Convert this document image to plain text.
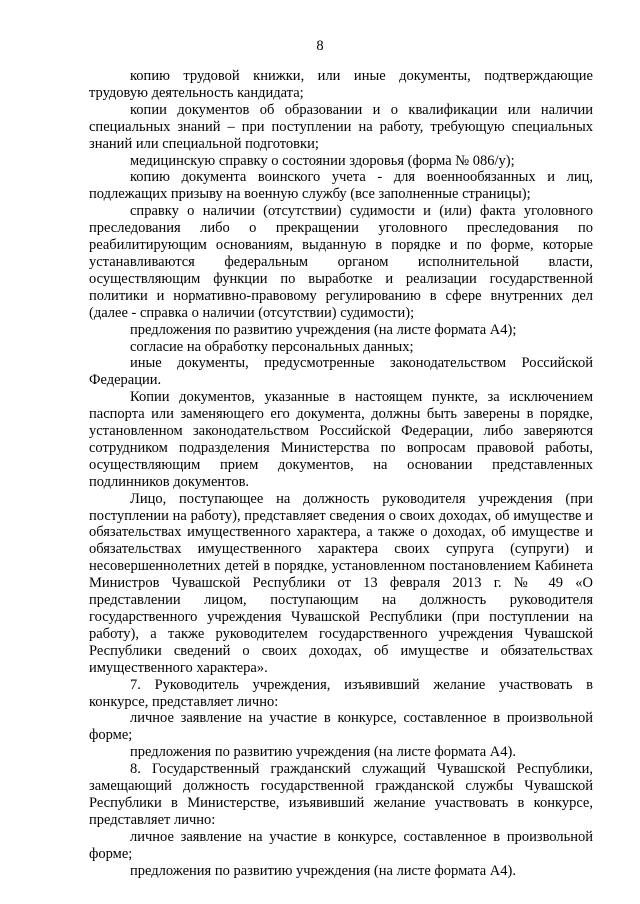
8

копию трудовой книжки, или иные документы, подтверждающие трудовую деятельность кандидата;

копии документов об образовании и о квалификации или наличии специальных знаний – при поступлении на работу, требующую специальных знаний или специальной подготовки;

медицинскую справку о состоянии здоровья (форма № 086/у);

копию документа воинского учета - для военнообязанных и лиц, подлежащих призыву на военную службу (все заполненные страницы);

справку о наличии (отсутствии) судимости и (или) факта уголовного преследования либо о прекращении уголовного преследования по реабилитирующим основаниям, выданную в порядке и по форме, которые устанавливаются федеральным органом исполнительной власти, осуществляющим функции по выработке и реализации государственной политики и нормативно-правовому регулированию в сфере внутренних дел (далее - справка о наличии (отсутствии) судимости);

предложения по развитию учреждения (на листе формата А4);

согласие на обработку персональных данных;

иные документы, предусмотренные законодательством Российской Федерации.

Копии документов, указанные в настоящем пункте, за исключением паспорта или заменяющего его документа, должны быть заверены в порядке, установленном законодательством Российской Федерации, либо заверяются сотрудником подразделения Министерства по вопросам правовой работы, осуществляющим прием документов, на основании представленных подлинников документов.

Лицо, поступающее на должность руководителя учреждения (при поступлении на работу), представляет сведения о своих доходах, об имуществе и обязательствах имущественного характера, а также о доходах, об имуществе и обязательствах имущественного характера своих супруга (супруги) и несовершеннолетних детей в порядке, установленном постановлением Кабинета Министров Чувашской Республики от 13 февраля 2013 г. № 49 «О представлении лицом, поступающим на должность руководителя государственного учреждения Чувашской Республики (при поступлении на работу), а также руководителем государственного учреждения Чувашской Республики сведений о своих доходах, об имуществе и обязательствах имущественного характера».

7. Руководитель учреждения, изъявивший желание участвовать в конкурсе, представляет лично:

личное заявление на участие в конкурсе, составленное в произвольной форме;

предложения по развитию учреждения (на листе формата А4).

8. Государственный гражданский служащий Чувашской Республики, замещающий должность государственной гражданской службы Чувашской Республики в Министерстве, изъявивший желание участвовать в конкурсе, представляет лично:

личное заявление на участие в конкурсе, составленное в произвольной форме;

предложения по развитию учреждения (на листе формата А4).
